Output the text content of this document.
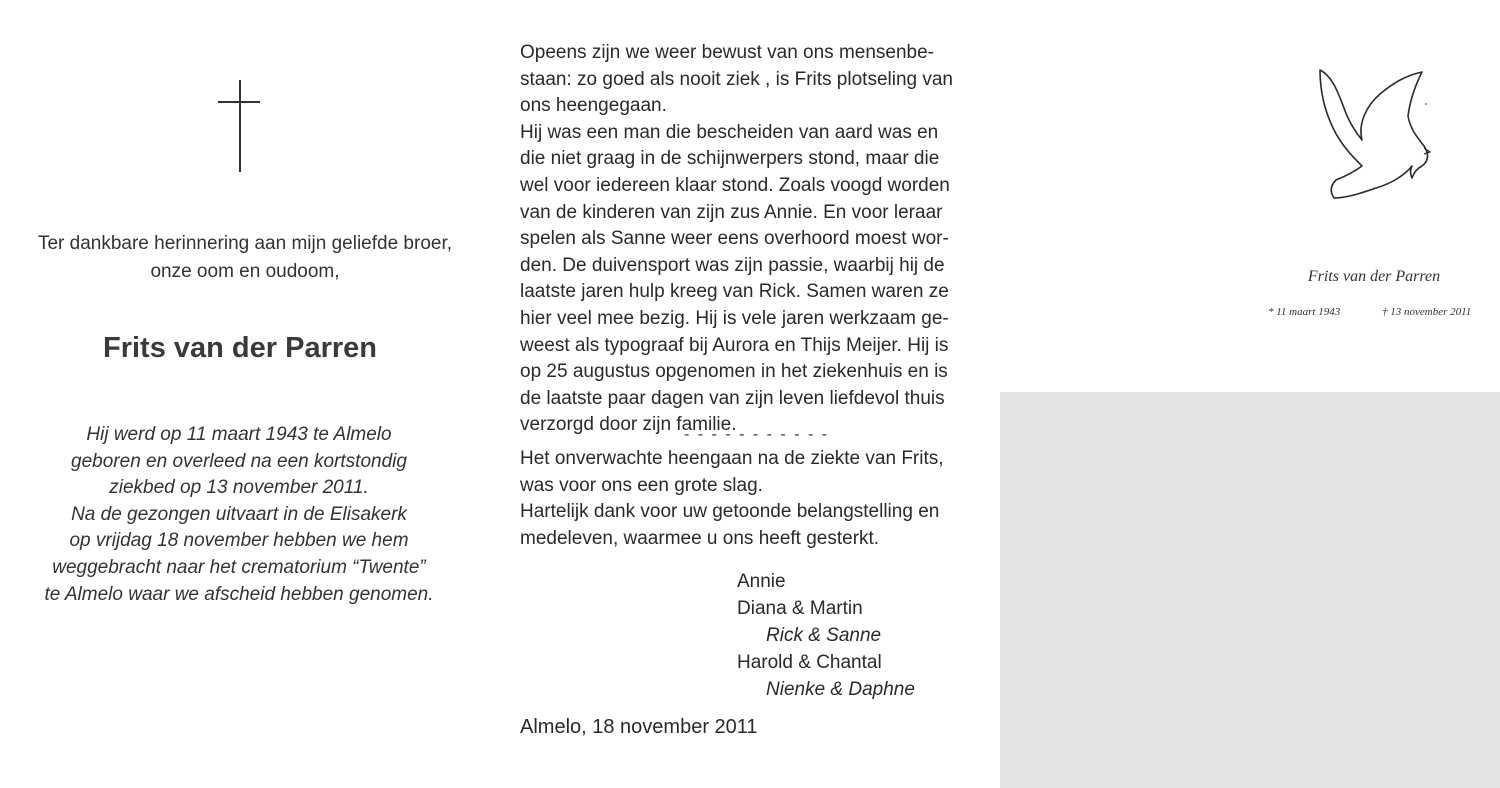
Ter dankbare herinnering aan mijn geliefde broer,
onze oom en oudoom,
Frits van der Parren
Hij werd op 11 maart 1943 te Almelo
geboren en overleed na een kortstondig
ziekbed op 13 november 2011.
Na de gezongen uitvaart in de Elisakerk
op vrijdag 18 november hebben we hem
weggebracht naar het crematorium “Twente”
te Almelo waar we afscheid hebben genomen.
Opeens zijn we weer bewust van ons mensenbe-
staan: zo goed als nooit ziek , is Frits plotseling van
ons heengegaan.
Hij was een man die bescheiden van aard was en
die niet graag in de schijnwerpers stond, maar die
wel voor iedereen klaar stond. Zoals voogd worden
van de kinderen van zijn zus Annie. En voor leraar
spelen als Sanne weer eens overhoord moest wor-
den. De duivensport was zijn passie, waarbij hij de
laatste jaren hulp kreeg van Rick. Samen waren ze
hier veel mee bezig. Hij is vele jaren werkzaam ge-
weest als typograaf bij Aurora en Thijs Meijer. Hij is
op 25 augustus opgenomen in het ziekenhuis en is
de laatste paar dagen van zijn leven liefdevol thuis
verzorgd door zijn familie.
- - - - - - - - - - -
Het onverwachte heengaan na de ziekte van Frits,
was voor ons een grote slag.
Hartelijk dank voor uw getoonde belangstelling en
medeleven, waarmee u ons heeft gesterkt.
Annie
Diana & Martin
Rick & Sanne
Harold & Chantal
Nienke & Daphne
Almelo, 18 november 2011
Frits van der Parren
* 11 maart 1943	† 13 november 2011
